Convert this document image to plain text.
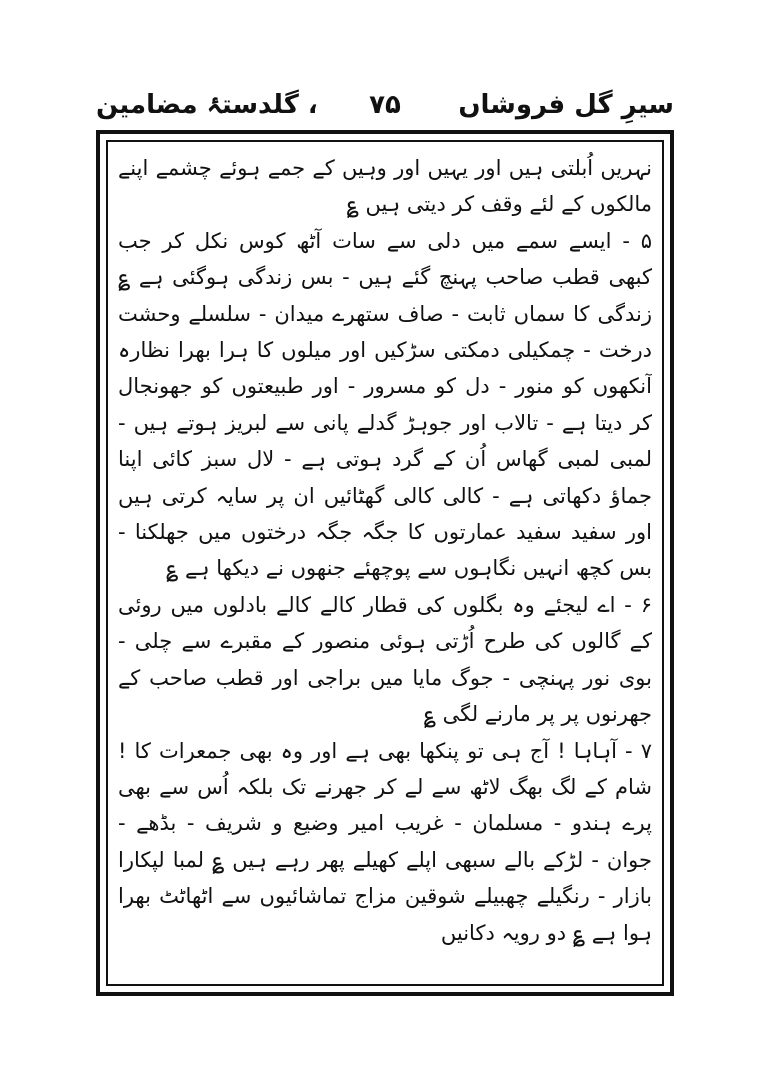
سیرِ گل فروشاں
۷۵
، گلدستۂ مضامین

نہریں اُبلتی ہیں اور یہیں اور وہیں کے جمے ہوئے چشمے اپنے مالکوں کے لئے وقف کر دیتی ہیں ؏

۵ - ایسے سمے میں دلی سے سات آٹھ کوس نکل کر جب کبھی قطب صاحب پہنچ گئے ہیں - بس زندگی ہوگئی ہے ؏ زندگی کا سماں ثابت - صاف ستھرے میدان - سلسلے وحشت درخت - چمکیلی دمکتی سڑکیں اور میلوں کا ہرا بھرا نظارہ آنکھوں کو منور - دل کو مسرور - اور طبیعتوں کو جھونجال کر دیتا ہے - تالاب اور جوہڑ گدلے پانی سے لبریز ہوتے ہیں - لمبی لمبی گھاس اُن کے گرد ہوتی ہے - لال سبز کائی اپنا جماؤ دکھاتی ہے - کالی کالی گھٹائیں ان پر سایہ کرتی ہیں اور سفید سفید عمارتوں کا جگہ جگہ درختوں میں جھلکنا - بس کچھ انہیں نگاہوں سے پوچھئے جنھوں نے دیکھا ہے ؏

۶ - اے لیجئے وہ بگلوں کی قطار کالے کالے بادلوں میں روئی کے گالوں کی طرح اُڑتی ہوئی منصور کے مقبرے سے چلی - بوی نور پہنچی - جوگ مایا میں براجی اور قطب صاحب کے جھرنوں پر پر مارنے لگی ؏

۷ - آہاہا ! آج ہی تو پنکھا بھی ہے اور وہ بھی جمعرات کا ! شام کے لگ بھگ لاٹھ سے لے کر جھرنے تک بلکہ اُس سے بھی پرے ہندو - مسلمان - غریب امیر وضیع و شریف - بڈھے - جوان - لڑکے بالے سبھی اپلے کھیلے پھر رہے ہیں ؏ لمبا لپکارا بازار - رنگیلے چھبیلے شوقین مزاج تماشائیوں سے اٹھاٹٹ بھرا ہوا ہے ؏ دو رویہ دکانیں
